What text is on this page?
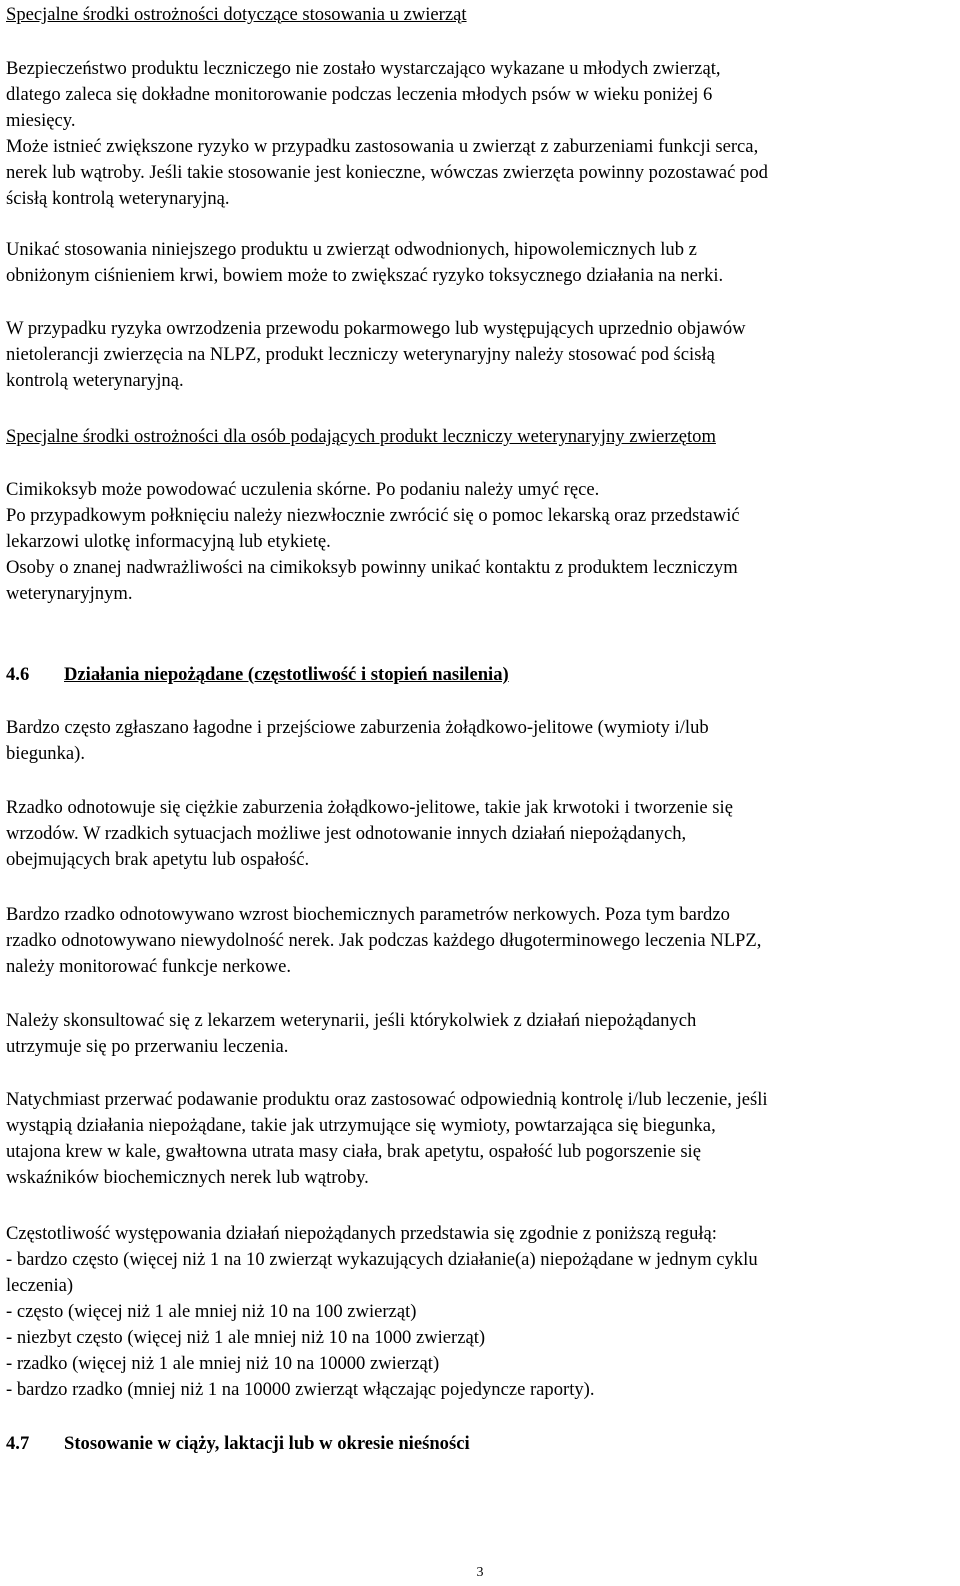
Specjalne środki ostrożności dotyczące stosowania u zwierząt

Bezpieczeństwo produktu leczniczego nie zostało wystarczająco wykazane u młodych zwierząt,
dlatego zaleca się dokładne monitorowanie podczas leczenia młodych psów w wieku poniżej 6
miesięcy.
Może istnieć zwiększone ryzyko w przypadku zastosowania u zwierząt z zaburzeniami funkcji serca,
nerek lub wątroby. Jeśli takie stosowanie jest konieczne, wówczas zwierzęta powinny pozostawać pod
ścisłą kontrolą weterynaryjną.

Unikać stosowania niniejszego produktu u zwierząt odwodnionych, hipowolemicznych lub z
obniżonym ciśnieniem krwi, bowiem może to zwiększać ryzyko toksycznego działania na nerki.

W przypadku ryzyka owrzodzenia przewodu pokarmowego lub występujących uprzednio objawów
nietolerancji zwierzęcia na NLPZ, produkt leczniczy weterynaryjny należy stosować pod ścisłą
kontrolą weterynaryjną.

Specjalne środki ostrożności dla osób podających produkt leczniczy weterynaryjny zwierzętom

Cimikoksyb może powodować uczulenia skórne. Po podaniu należy umyć ręce.
Po przypadkowym połknięciu należy niezwłocznie zwrócić się o pomoc lekarską oraz przedstawić
lekarzowi ulotkę informacyjną lub etykietę.
Osoby o znanej nadwrażliwości na cimikoksyb powinny unikać kontaktu z produktem leczniczym
weterynaryjnym.

4.6 Działania niepożądane (częstotliwość i stopień nasilenia)

Bardzo często zgłaszano łagodne i przejściowe zaburzenia żołądkowo-jelitowe (wymioty i/lub
biegunka).

Rzadko odnotowuje się ciężkie zaburzenia żołądkowo-jelitowe, takie jak krwotoki i tworzenie się
wrzodów. W rzadkich sytuacjach możliwe jest odnotowanie innych działań niepożądanych,
obejmujących brak apetytu lub ospałość.

Bardzo rzadko odnotowywano wzrost biochemicznych parametrów nerkowych. Poza tym bardzo
rzadko odnotowywano niewydolność nerek. Jak podczas każdego długoterminowego leczenia NLPZ,
należy monitorować funkcje nerkowe.

Należy skonsultować się z lekarzem weterynarii, jeśli którykolwiek z działań niepożądanych
utrzymuje się po przerwaniu leczenia.

Natychmiast przerwać podawanie produktu oraz zastosować odpowiednią kontrolę i/lub leczenie, jeśli
wystąpią działania niepożądane, takie jak utrzymujące się wymioty, powtarzająca się biegunka,
utajona krew w kale, gwałtowna utrata masy ciała, brak apetytu, ospałość lub pogorszenie się
wskaźników biochemicznych nerek lub wątroby.

Częstotliwość występowania działań niepożądanych przedstawia się zgodnie z poniższą regułą:
- bardzo często (więcej niż 1 na 10 zwierząt wykazujących działanie(a) niepożądane w jednym cyklu
leczenia)
- często (więcej niż 1 ale mniej niż 10 na 100 zwierząt)
- niezbyt często (więcej niż 1 ale mniej niż 10 na 1000 zwierząt)
- rzadko (więcej niż 1 ale mniej niż 10 na 10000 zwierząt)
- bardzo rzadko (mniej niż 1 na 10000 zwierząt włączając pojedyncze raporty).

4.7 Stosowanie w ciąży, laktacji lub w okresie nieśności

3
